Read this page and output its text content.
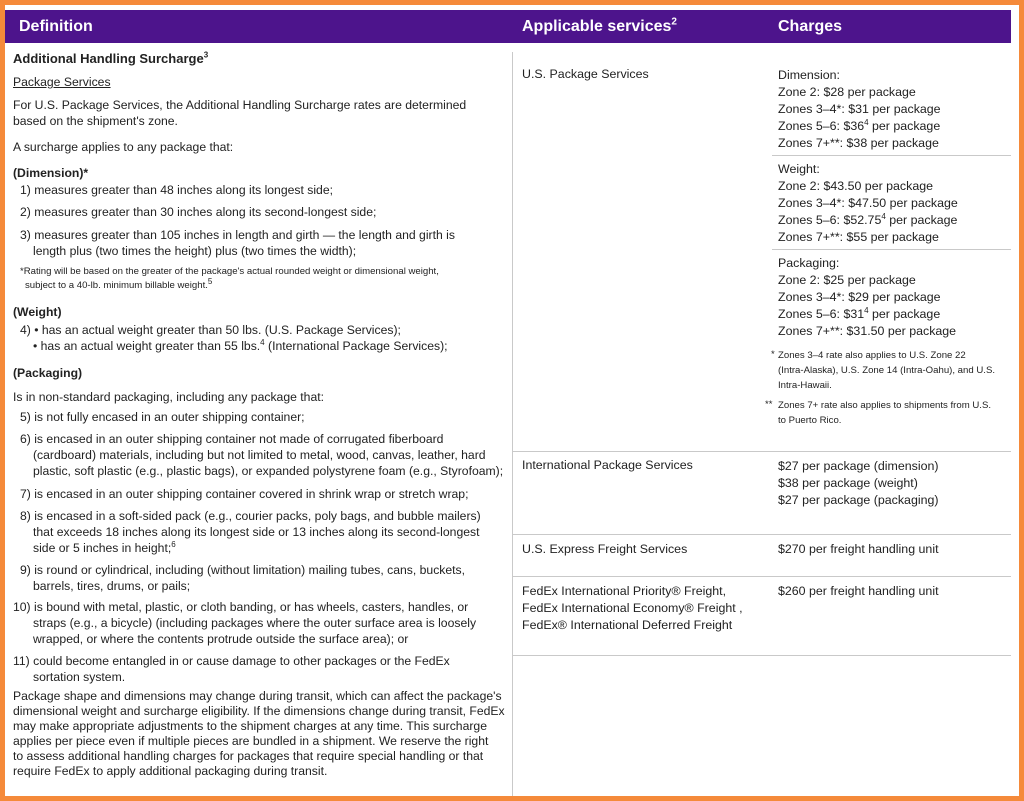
Definition	Applicable services$^2$	Charges
Additional Handling Surcharge$^3$
Package Services
For U.S. Package Services, the Additional Handling Surcharge rates are determined
based on the shipment's zone.
A surcharge applies to any package that:
(Dimension)*
1) measures greater than 48 inches along its longest side;
2) measures greater than 30 inches along its second-longest side;
3) measures greater than 105 inches in length and girth — the length and girth is
length plus (two times the height) plus (two times the width);
*Rating will be based on the greater of the package's actual rounded weight or dimensional weight,
subject to a 40-lb. minimum billable weight.$^5$
(Weight)
4) • has an actual weight greater than 50 lbs. (U.S. Package Services);
• has an actual weight greater than 55 lbs.$^4$ (International Package Services);
(Packaging)
Is in non-standard packaging, including any package that:
5) is not fully encased in an outer shipping container;
6) is encased in an outer shipping container not made of corrugated fiberboard
(cardboard) materials, including but not limited to metal, wood, canvas, leather, hard
plastic, soft plastic (e.g., plastic bags), or expanded polystyrene foam (e.g., Styrofoam);
7) is encased in an outer shipping container covered in shrink wrap or stretch wrap;
8) is encased in a soft-sided pack (e.g., courier packs, poly bags, and bubble mailers)
that exceeds 18 inches along its longest side or 13 inches along its second-longest
side or 5 inches in height;$^6$
9) is round or cylindrical, including (without limitation) mailing tubes, cans, buckets,
barrels, tires, drums, or pails;
10) is bound with metal, plastic, or cloth banding, or has wheels, casters, handles, or
straps (e.g., a bicycle) (including packages where the outer surface area is loosely
wrapped, or where the contents protrude outside the surface area); or
11) could become entangled in or cause damage to other packages or the FedEx
sortation system.
Package shape and dimensions may change during transit, which can affect the package's
dimensional weight and surcharge eligibility. If the dimensions change during transit, FedEx
may make appropriate adjustments to the shipment charges at any time. This surcharge
applies per piece even if multiple pieces are bundled in a shipment. We reserve the right
to assess additional handling charges for packages that require special handling or that
require FedEx to apply additional packaging during transit.
U.S. Package Services
International Package Services
U.S. Express Freight Services
FedEx International Priority® Freight,
FedEx International Economy® Freight ,
FedEx® International Deferred Freight
Dimension:
Zone 2: $28 per package
Zones 3–4*: $31 per package
Zones 5–6: $\$36^4$ per package
Zones 7+**: $38 per package
Weight:
Zone 2: $43.50 per package
Zones 3–4*: $47.50 per package
Zones 5–6: $52.75$^4$ per package
Zones 7+**: $55 per package
Packaging:
Zone 2: $25 per package
Zones 3–4*: $29 per package
Zones 5–6: $\$31^4$ per package
Zones 7+**: $31.50 per package
* Zones 3–4 rate also applies to U.S. Zone 22
(Intra-Alaska), U.S. Zone 14 (Intra-Oahu), and U.S.
Intra-Hawaii.
** Zones 7+ rate also applies to shipments from U.S.
to Puerto Rico.
$27 per package (dimension)
$38 per package (weight)
$27 per package (packaging)
$270 per freight handling unit
$260 per freight handling unit
